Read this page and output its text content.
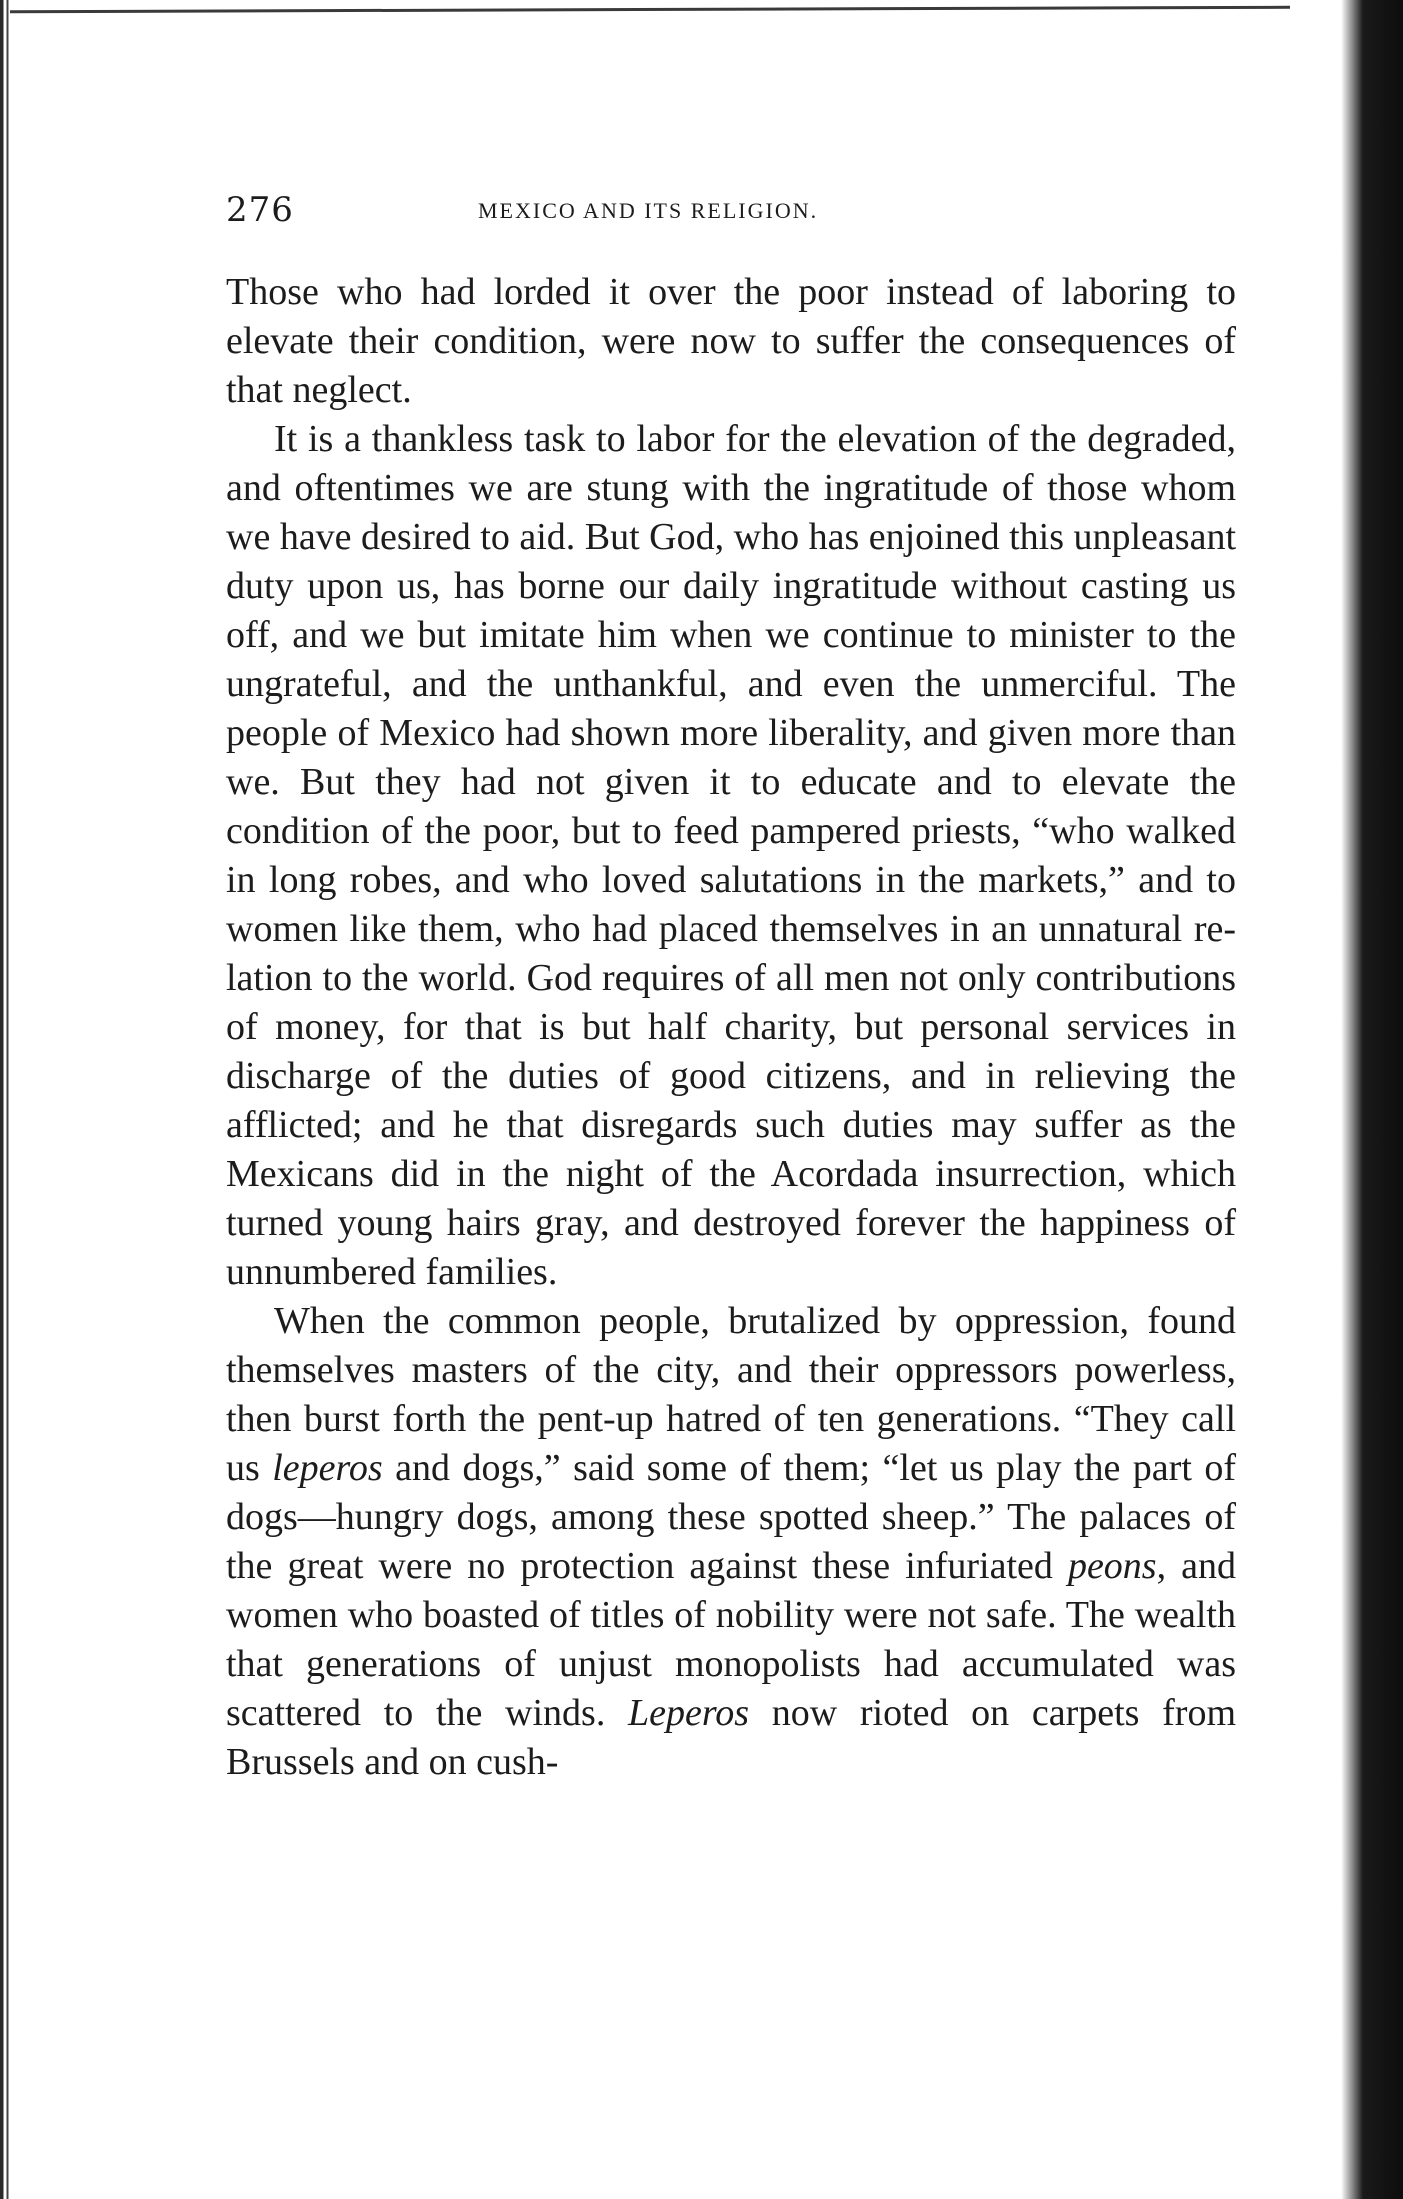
276	MEXICO AND ITS RELIGION.

Those who had lorded it over the poor instead of laboring to elevate their condition, were now to suffer the consequences of that neglect.

It is a thankless task to labor for the elevation of the degraded, and oftentimes we are stung with the ingratitude of those whom we have desired to aid. But God, who has enjoined this unpleasant duty upon us, has borne our daily ingratitude without casting us off, and we but imitate him when we continue to minister to the ungrateful, and the unthankful, and even the unmerciful. The people of Mexico had shown more liberality, and given more than we. But they had not given it to educate and to elevate the condition of the poor, but to feed pampered priests, “who walked in long robes, and who loved salutations in the markets,” and to women like them, who had placed themselves in an unnatural relation to the world. God requires of all men not only contributions of money, for that is but half charity, but personal services in discharge of the duties of good citizens, and in relieving the afflicted; and he that disregards such duties may suffer as the Mexicans did in the night of the Acordada insurrection, which turned young hairs gray, and destroyed forever the happiness of unnumbered families.

When the common people, brutalized by oppression, found themselves masters of the city, and their oppressors powerless, then burst forth the pent-up hatred of ten generations. “They call us leperos and dogs,” said some of them; “let us play the part of dogs—hungry dogs, among these spotted sheep.” The palaces of the great were no protection against these infuriated peons, and women who boasted of titles of nobility were not safe. The wealth that generations of unjust monopolists had accumulated was scattered to the winds. Leperos now rioted on carpets from Brussels and on cush-
